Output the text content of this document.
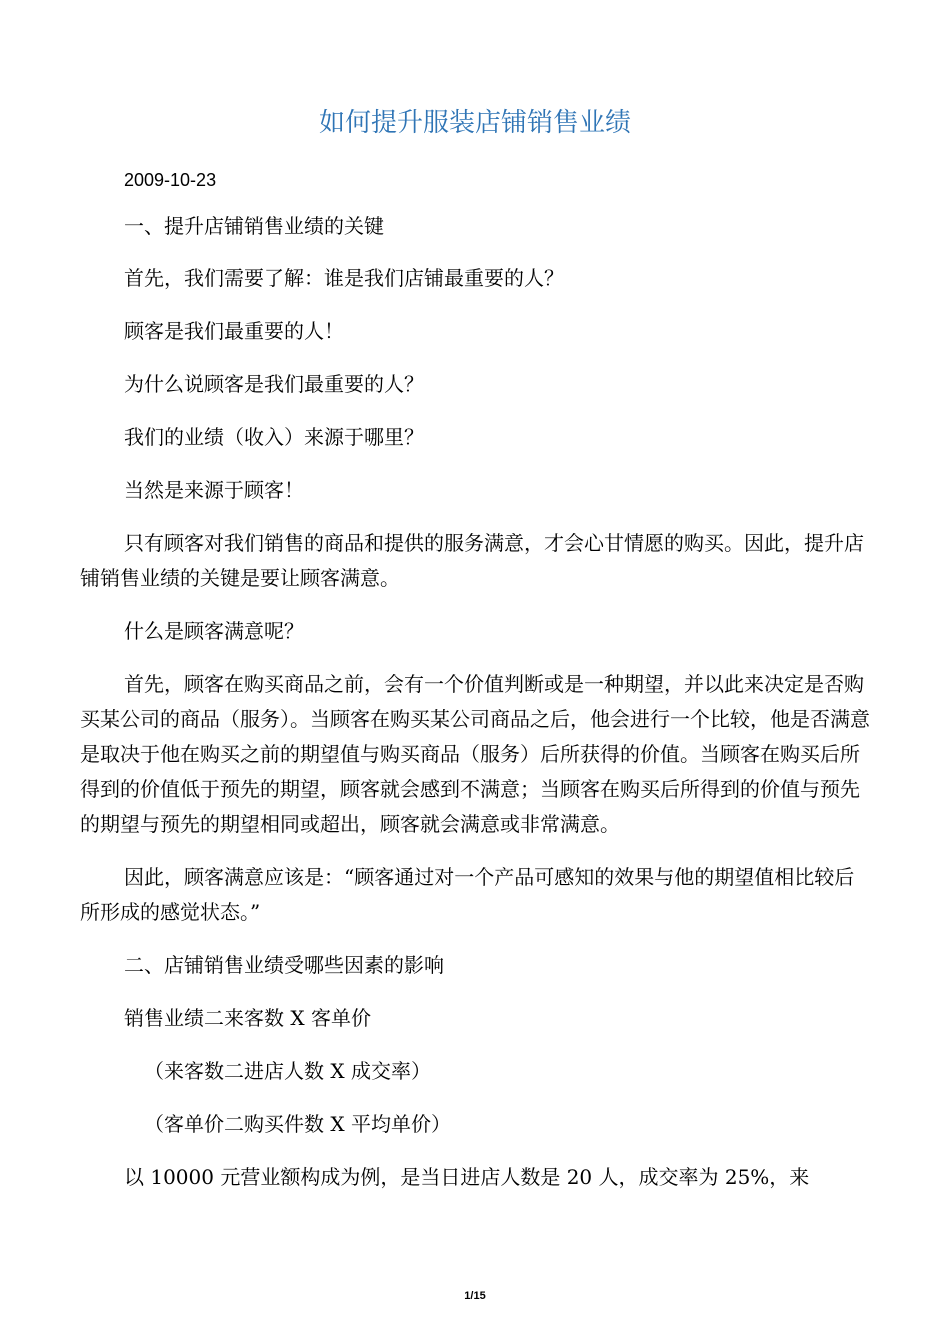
如何提升服装店铺销售业绩

2009-10-23

一、提升店铺销售业绩的关键

首先，我们需要了解：谁是我们店铺最重要的人？

顾客是我们最重要的人！

为什么说顾客是我们最重要的人？

我们的业绩（收入）来源于哪里？

当然是来源于顾客！

只有顾客对我们销售的商品和提供的服务满意，才会心甘情愿的购买。因此，提升店铺销售业绩的关键是要让顾客满意。

什么是顾客满意呢？

首先，顾客在购买商品之前，会有一个价值判断或是一种期望，并以此来决定是否购买某公司的商品（服务）。当顾客在购买某公司商品之后，他会进行一个比较，他是否满意是取决于他在购买之前的期望值与购买商品（服务）后所获得的价值。当顾客在购买后所得到的价值低于预先的期望，顾客就会感到不满意；当顾客在购买后所得到的价值与预先的期望与预先的期望相同或超出，顾客就会满意或非常满意。

因此，顾客满意应该是：“顾客通过对一个产品可感知的效果与他的期望值相比较后所形成的感觉状态。”

二、店铺销售业绩受哪些因素的影响

销售业绩二来客数 X 客单价

（来客数二进店人数 X 成交率）

（客单价二购买件数 X 平均单价）

以 10000 元营业额构成为例，是当日进店人数是 20 人，成交率为 25%，来

1/15
